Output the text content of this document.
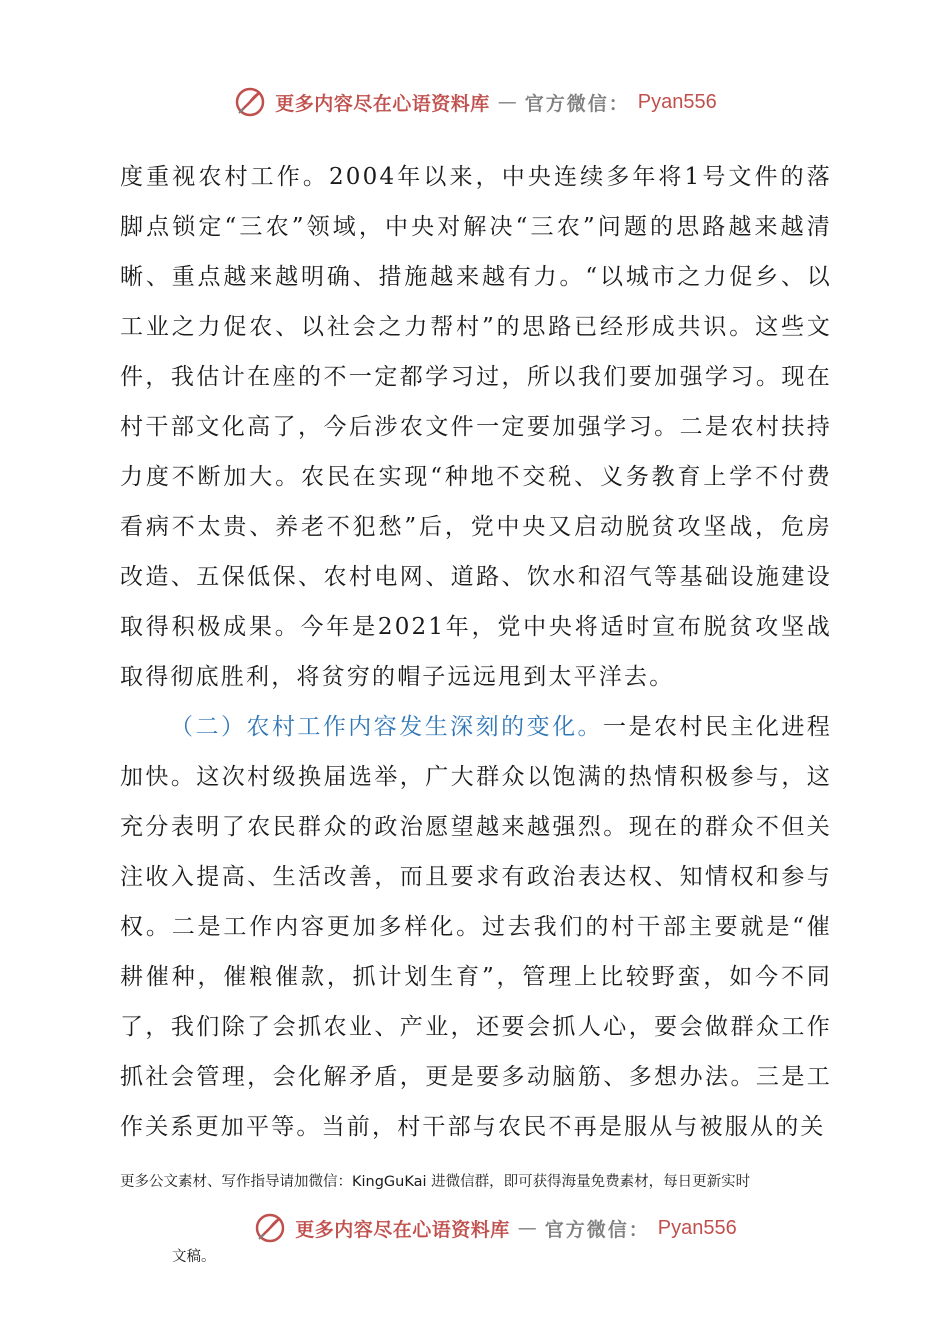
更多内容尽在心语资料库 — 官方微信： Pyan556

度重视农村工作。2004年以来，中央连续多年将1号文件的落脚点锁定“三农”领域，中央对解决“三农”问题的思路越来越清晰、重点越来越明确、措施越来越有力。“以城市之力促乡、以工业之力促农、以社会之力帮村”的思路已经形成共识。这些文件，我估计在座的不一定都学习过，所以我们要加强学习。现在村干部文化高了，今后涉农文件一定要加强学习。二是农村扶持力度不断加大。农民在实现“种地不交税、义务教育上学不付费看病不太贵、养老不犯愁”后，党中央又启动脱贫攻坚战，危房改造、五保低保、农村电网、道路、饮水和沼气等基础设施建设取得积极成果。今年是2021年，党中央将适时宣布脱贫攻坚战取得彻底胜利，将贫穷的帽子远远甩到太平洋去。

（二）农村工作内容发生深刻的变化。一是农村民主化进程加快。这次村级换届选举，广大群众以饱满的热情积极参与，这充分表明了农民群众的政治愿望越来越强烈。现在的群众不但关注收入提高、生活改善，而且要求有政治表达权、知情权和参与权。二是工作内容更加多样化。过去我们的村干部主要就是“催耕催种，催粮催款，抓计划生育”，管理上比较野蛮，如今不同了，我们除了会抓农业、产业，还要会抓人心，要会做群众工作抓社会管理，会化解矛盾，更是要多动脑筋、多想办法。三是工作关系更加平等。当前，村干部与农民不再是服从与被服从的关

更多公文素材、写作指导请加微信：KingGuKai 进微信群，即可获得海量免费素材，每日更新实时
更多内容尽在心语资料库 — 官方微信： Pyan556
文稿。
